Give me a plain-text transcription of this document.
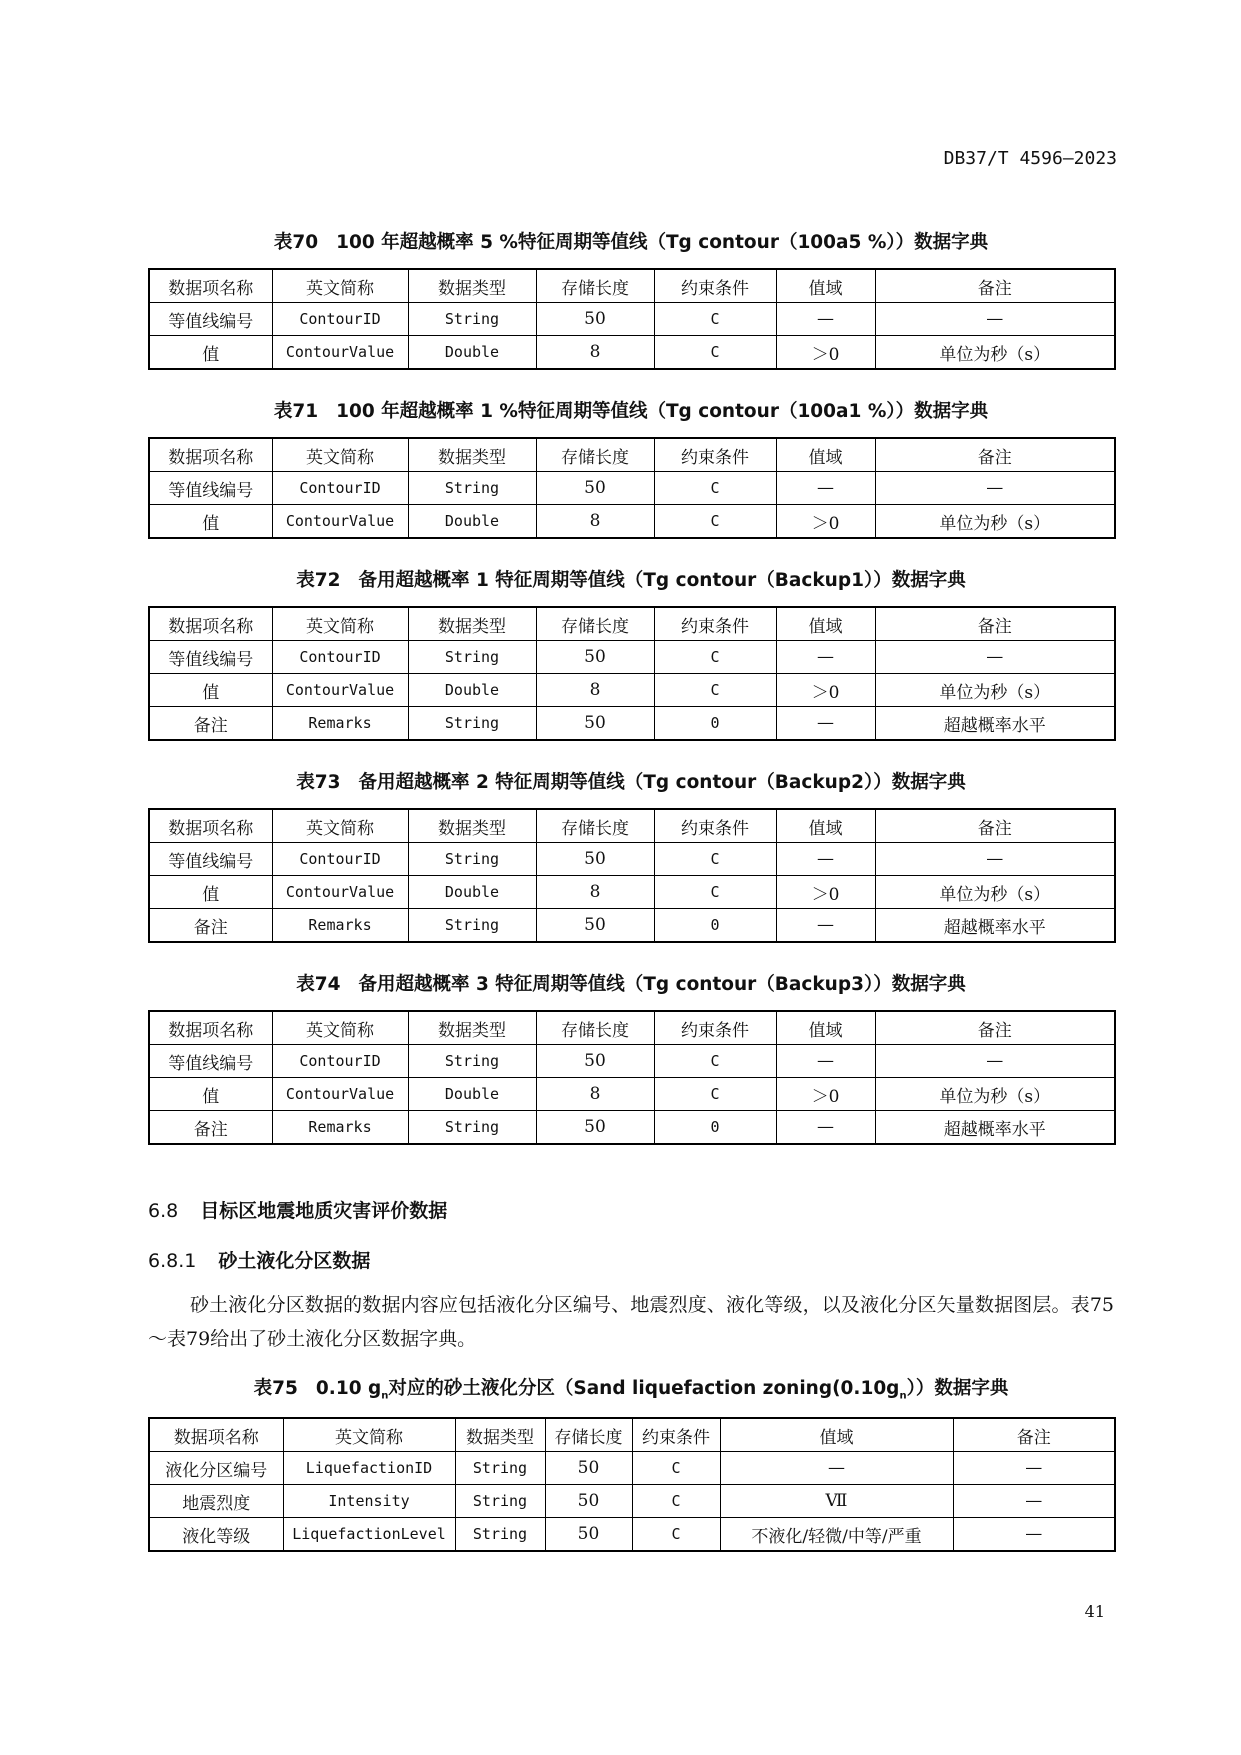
DB37/T 4596—2023
表70 100 年超越概率 5 %特征周期等值线（Tg contour（100a5 %））数据字典
数据项名称	英文简称	数据类型	存储长度	约束条件	值域	备注
等值线编号	ContourID	String	50	C	—	—
值	ContourValue	Double	8	C	＞0	单位为秒（s）
表71 100 年超越概率 1 %特征周期等值线（Tg contour（100a1 %））数据字典
数据项名称	英文简称	数据类型	存储长度	约束条件	值域	备注
等值线编号	ContourID	String	50	C	—	—
值	ContourValue	Double	8	C	＞0	单位为秒（s）
表72 备用超越概率 1 特征周期等值线（Tg contour（Backup1））数据字典
数据项名称	英文简称	数据类型	存储长度	约束条件	值域	备注
等值线编号	ContourID	String	50	C	—	—
值	ContourValue	Double	8	C	＞0	单位为秒（s）
备注	Remarks	String	50	0	—	超越概率水平
表73 备用超越概率 2 特征周期等值线（Tg contour（Backup2））数据字典
数据项名称	英文简称	数据类型	存储长度	约束条件	值域	备注
等值线编号	ContourID	String	50	C	—	—
值	ContourValue	Double	8	C	＞0	单位为秒（s）
备注	Remarks	String	50	0	—	超越概率水平
表74 备用超越概率 3 特征周期等值线（Tg contour（Backup3））数据字典
数据项名称	英文简称	数据类型	存储长度	约束条件	值域	备注
等值线编号	ContourID	String	50	C	—	—
值	ContourValue	Double	8	C	＞0	单位为秒（s）
备注	Remarks	String	50	0	—	超越概率水平
6.8 目标区地震地质灾害评价数据
6.8.1 砂土液化分区数据
砂土液化分区数据的数据内容应包括液化分区编号、地震烈度、液化等级，以及液化分区矢量数据图层。表75～表79给出了砂土液化分区数据字典。
表75 0.10 $g_n$对应的砂土液化分区（Sand liquefaction $zoning(0.10g_n)$）数据字典
数据项名称	英文简称	数据类型	存储长度	约束条件	值域	备注
液化分区编号	LiquefactionID	String	50	C	—	—
地震烈度	Intensity	String	50	C	Ⅶ	—
液化等级	LiquefactionLevel	String	50	C	不液化/轻微/中等/严重	—
41
